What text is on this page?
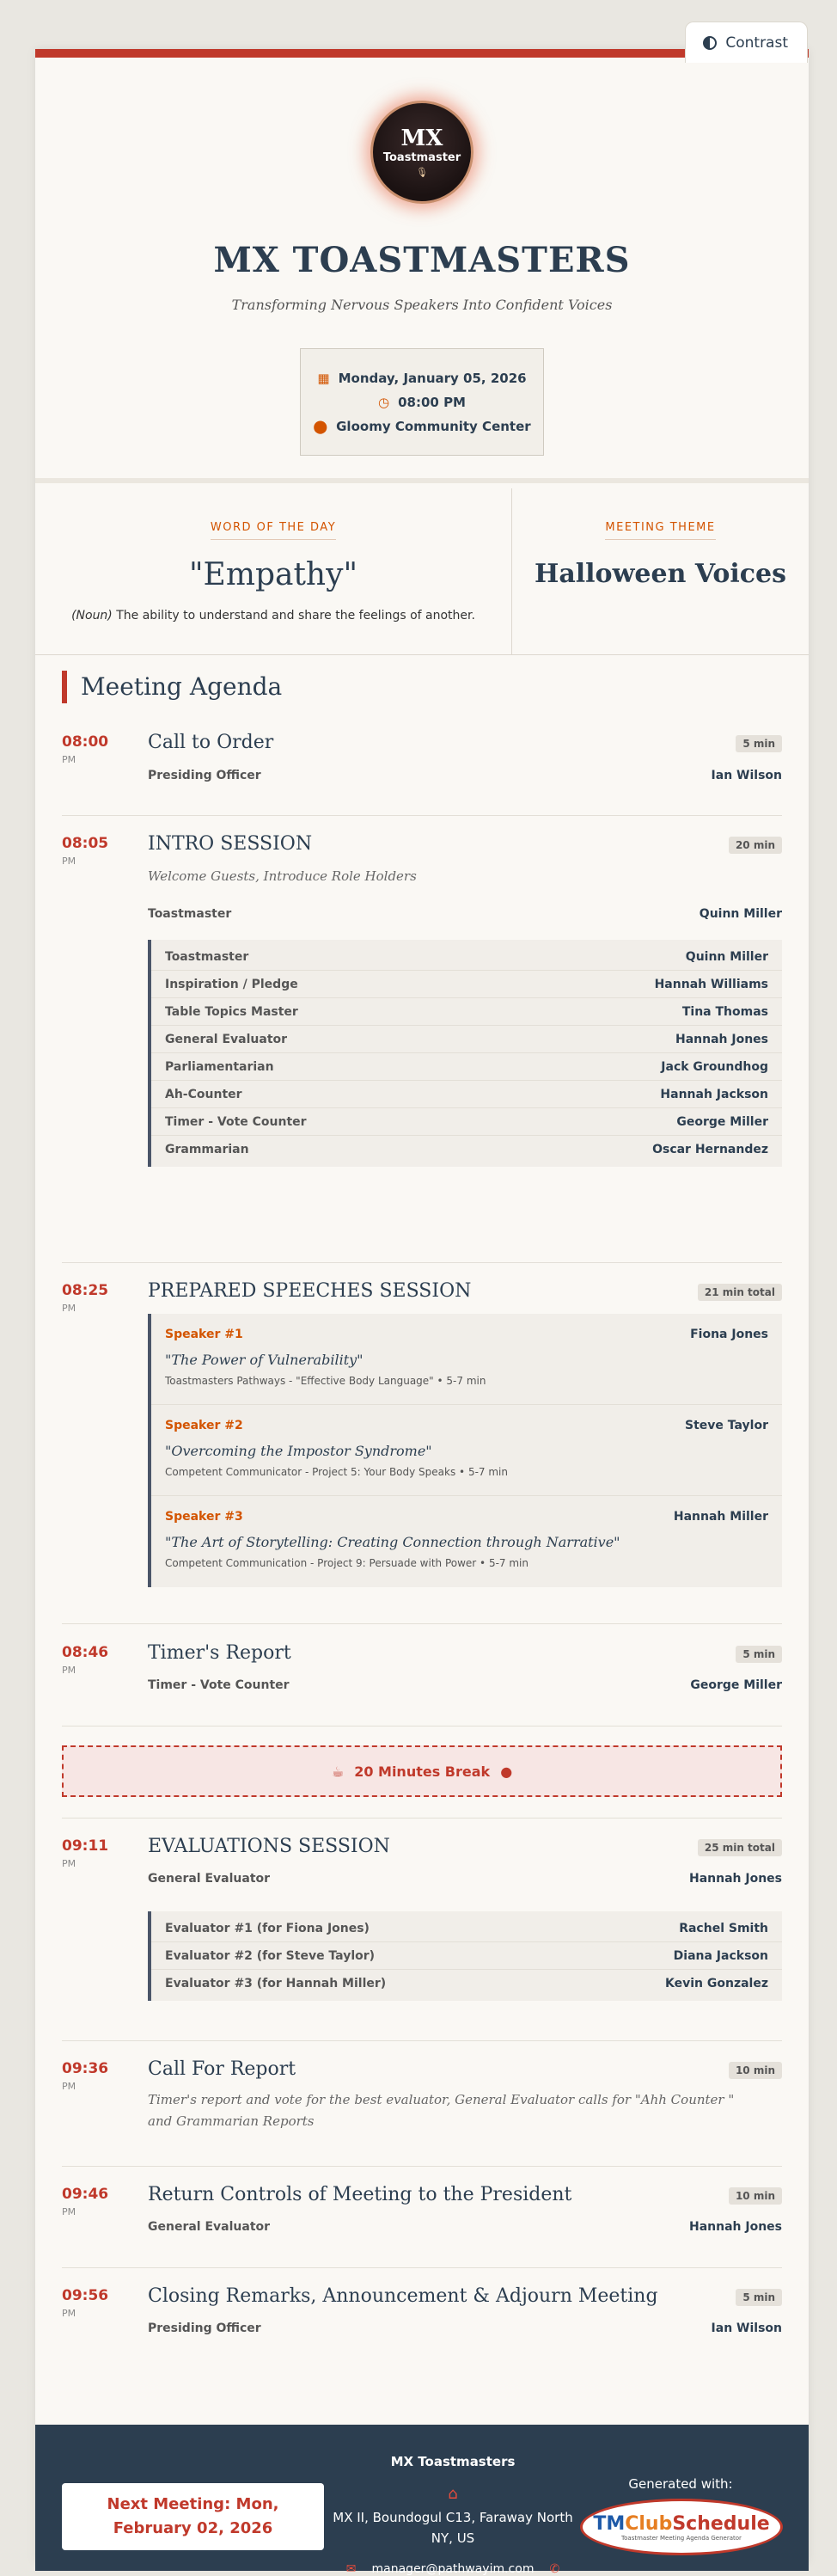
Contrast
MX
Toastmaster
🎙
MX TOASTMASTERS
Transforming Nervous Speakers Into Confident Voices
▦ Monday, January 05, 2026
◷ 08:00 PM
⬤ Gloomy Community Center
WORD OF THE DAY
"Empathy"
(Noun) The ability to understand and share the feelings of another.
MEETING THEME
Halloween Voices
Meeting Agenda
08:00
PM
Call to Order	5 min
Presiding Officer	Ian Wilson
08:05
PM
INTRO SESSION	20 min
Welcome Guests, Introduce Role Holders
Toastmaster	Quinn Miller
Toastmaster	Quinn Miller
Inspiration / Pledge	Hannah Williams
Table Topics Master	Tina Thomas
General Evaluator	Hannah Jones
Parliamentarian	Jack Groundhog
Ah-Counter	Hannah Jackson
Timer - Vote Counter	George Miller
Grammarian	Oscar Hernandez
08:25
PM
PREPARED SPEECHES SESSION	21 min total
Speaker #1	Fiona Jones
"The Power of Vulnerability"
Toastmasters Pathways - "Effective Body Language" • 5-7 min
Speaker #2	Steve Taylor
"Overcoming the Impostor Syndrome"
Competent Communicator - Project 5: Your Body Speaks • 5-7 min
Speaker #3	Hannah Miller
"The Art of Storytelling: Creating Connection through Narrative"
Competent Communication - Project 9: Persuade with Power • 5-7 min
08:46
PM
Timer's Report	5 min
Timer - Vote Counter	George Miller
☕ 20 Minutes Break ●
09:11
PM
EVALUATIONS SESSION	25 min total
General Evaluator	Hannah Jones
Evaluator #1 (for Fiona Jones)	Rachel Smith
Evaluator #2 (for Steve Taylor)	Diana Jackson
Evaluator #3 (for Hannah Miller)	Kevin Gonzalez
09:36
PM
Call For Report	10 min
Timer's report and vote for the best evaluator, General Evaluator calls for "Ahh Counter " and Grammarian Reports
09:46
PM
Return Controls of Meeting to the President	10 min
General Evaluator	Hannah Jones
09:56
PM
Closing Remarks, Announcement & Adjourn Meeting	5 min
Presiding Officer	Ian Wilson
Next Meeting: Mon, February 02, 2026
MX Toastmasters
⌂
MX II, Boundogul C13, Faraway North NY, US
✉ manager@pathwayim.com ✆
Generated with:
TMClubSchedule
Toastmaster Meeting Agenda Generator
